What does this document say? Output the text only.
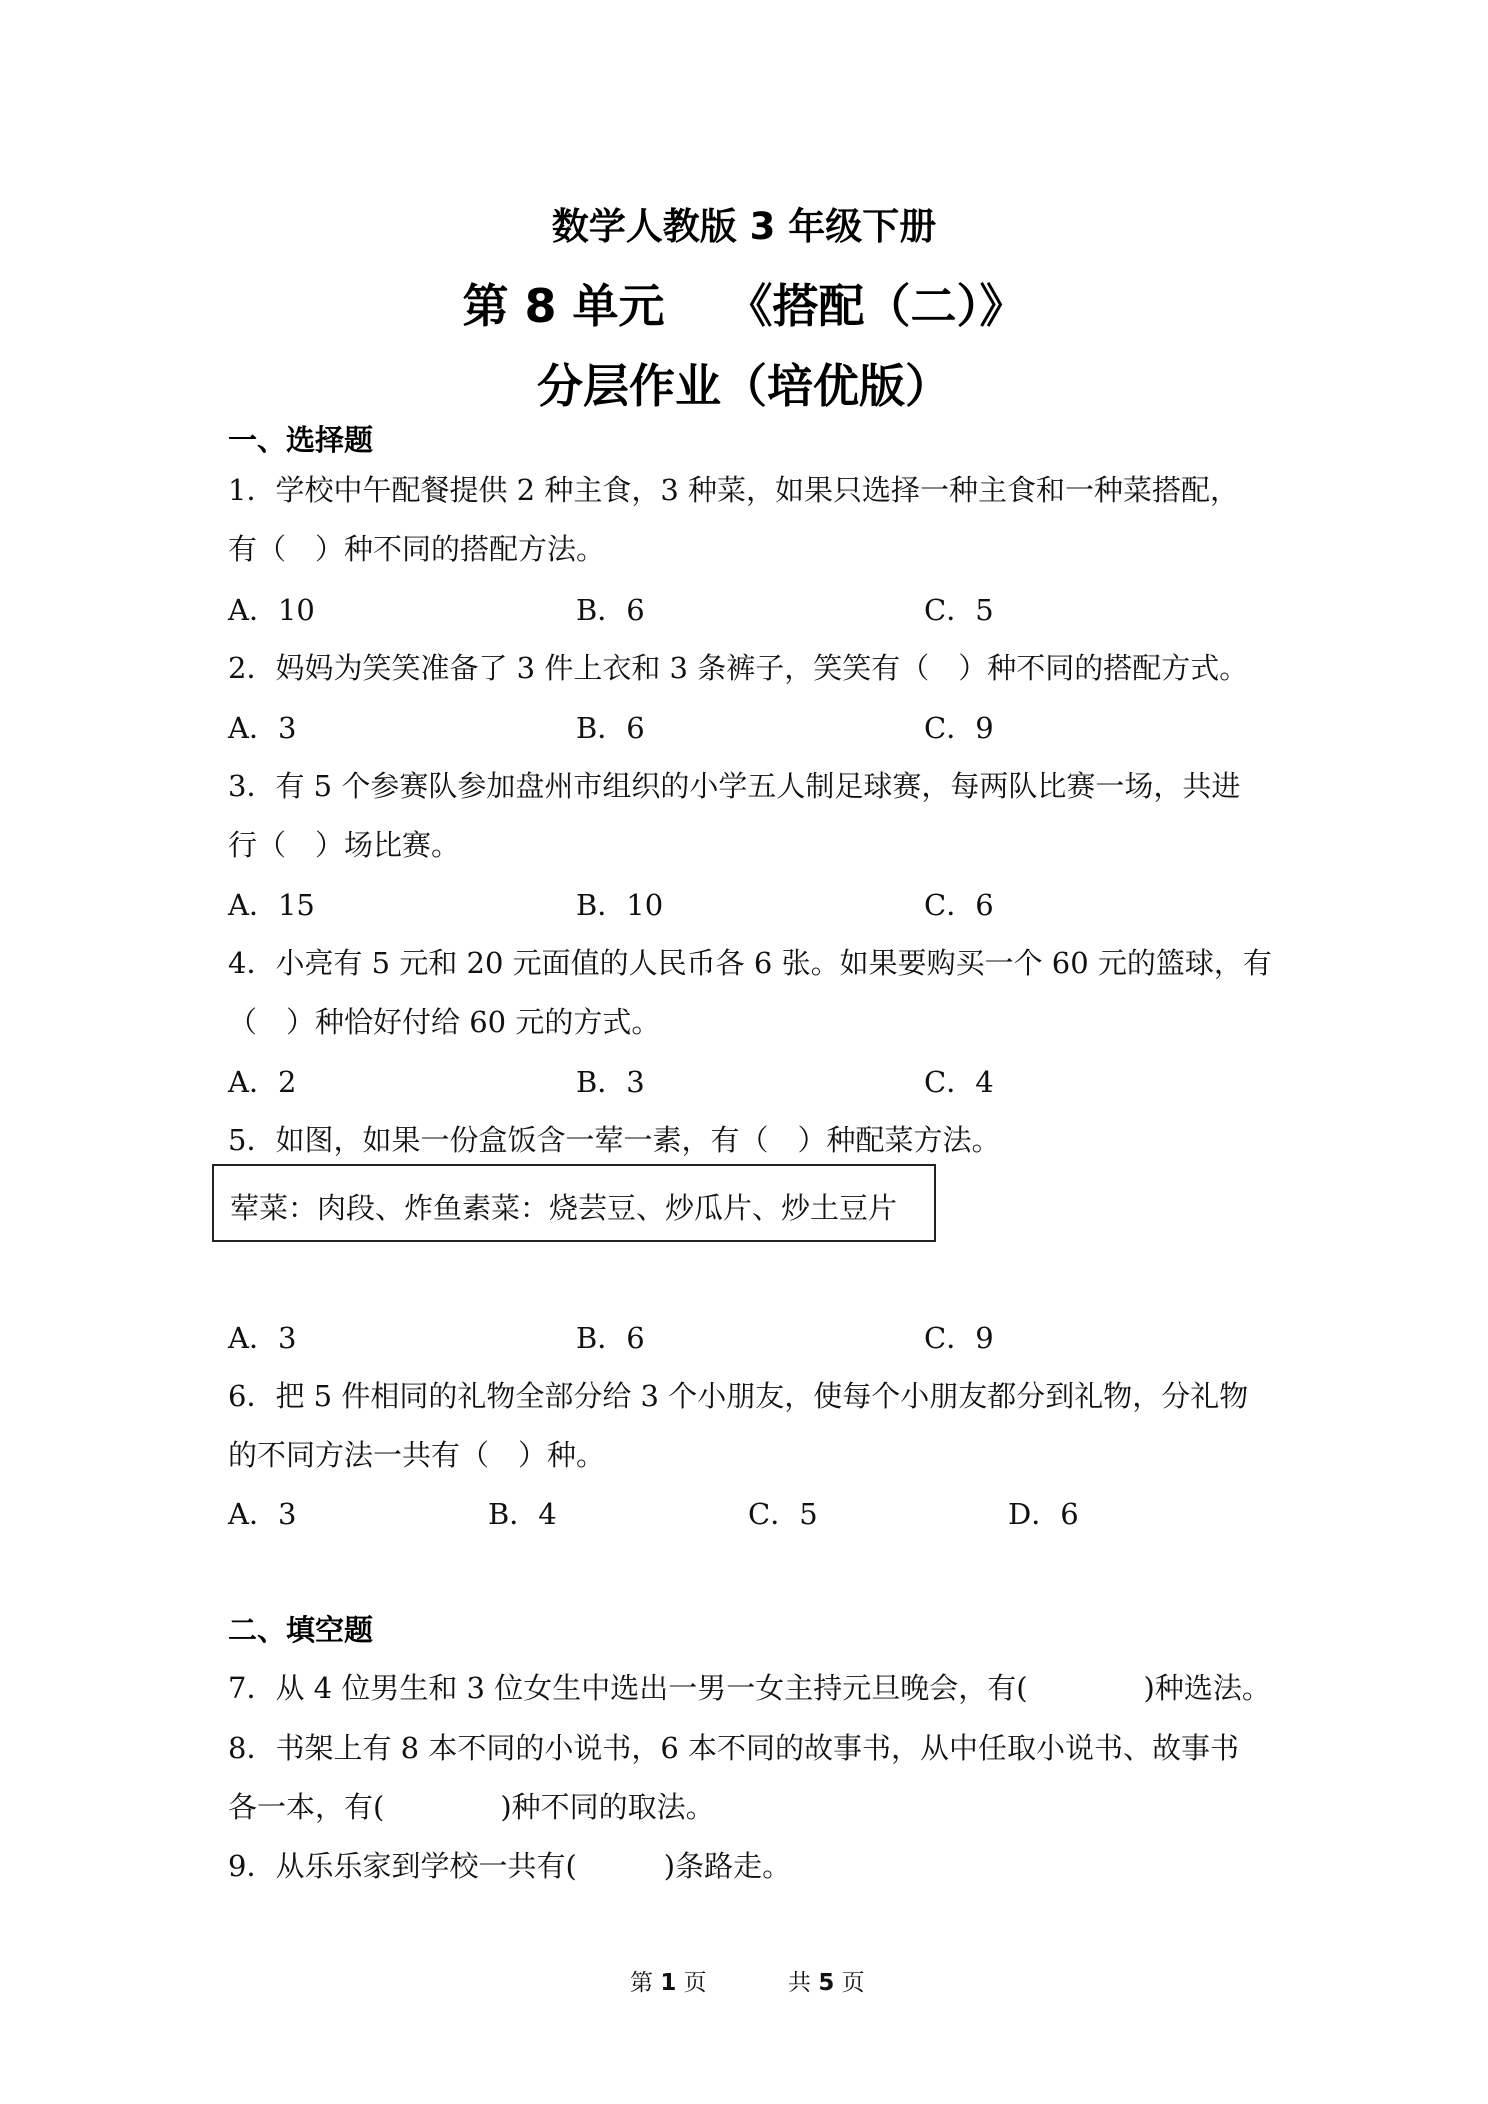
数学人教版 3 年级下册
第 8 单元　 《搭配（二）》
分层作业（培优版）
一、选择题
1．学校中午配餐提供 2 种主食，3 种菜，如果只选择一种主食和一种菜搭配，
有（　）种不同的搭配方法。
A．10	B．6	C．5
2．妈妈为笑笑准备了 3 件上衣和 3 条裤子，笑笑有（　）种不同的搭配方式。
A．3	B．6	C．9
3．有 5 个参赛队参加盘州市组织的小学五人制足球赛，每两队比赛一场，共进
行（　）场比赛。
A．15	B．10	C．6
4．小亮有 5 元和 20 元面值的人民币各 6 张。如果要购买一个 60 元的篮球，有
（　）种恰好付给 60 元的方式。
A．2	B．3	C．4
5．如图，如果一份盒饭含一荤一素，有（　）种配菜方法。
荤菜：肉段、炸鱼素菜：烧芸豆、炒瓜片、炒土豆片
A．3	B．6	C．9
6．把 5 件相同的礼物全部分给 3 个小朋友，使每个小朋友都分到礼物，分礼物
的不同方法一共有（　）种。
A．3	B．4	C．5	D．6
二、填空题
7．从 4 位男生和 3 位女生中选出一男一女主持元旦晚会，有(　　　　)种选法。
8．书架上有 8 本不同的小说书，6 本不同的故事书，从中任取小说书、故事书
各一本，有(　　　　)种不同的取法。
9．从乐乐家到学校一共有(　　　)条路走。
第 1 页	共 5 页
